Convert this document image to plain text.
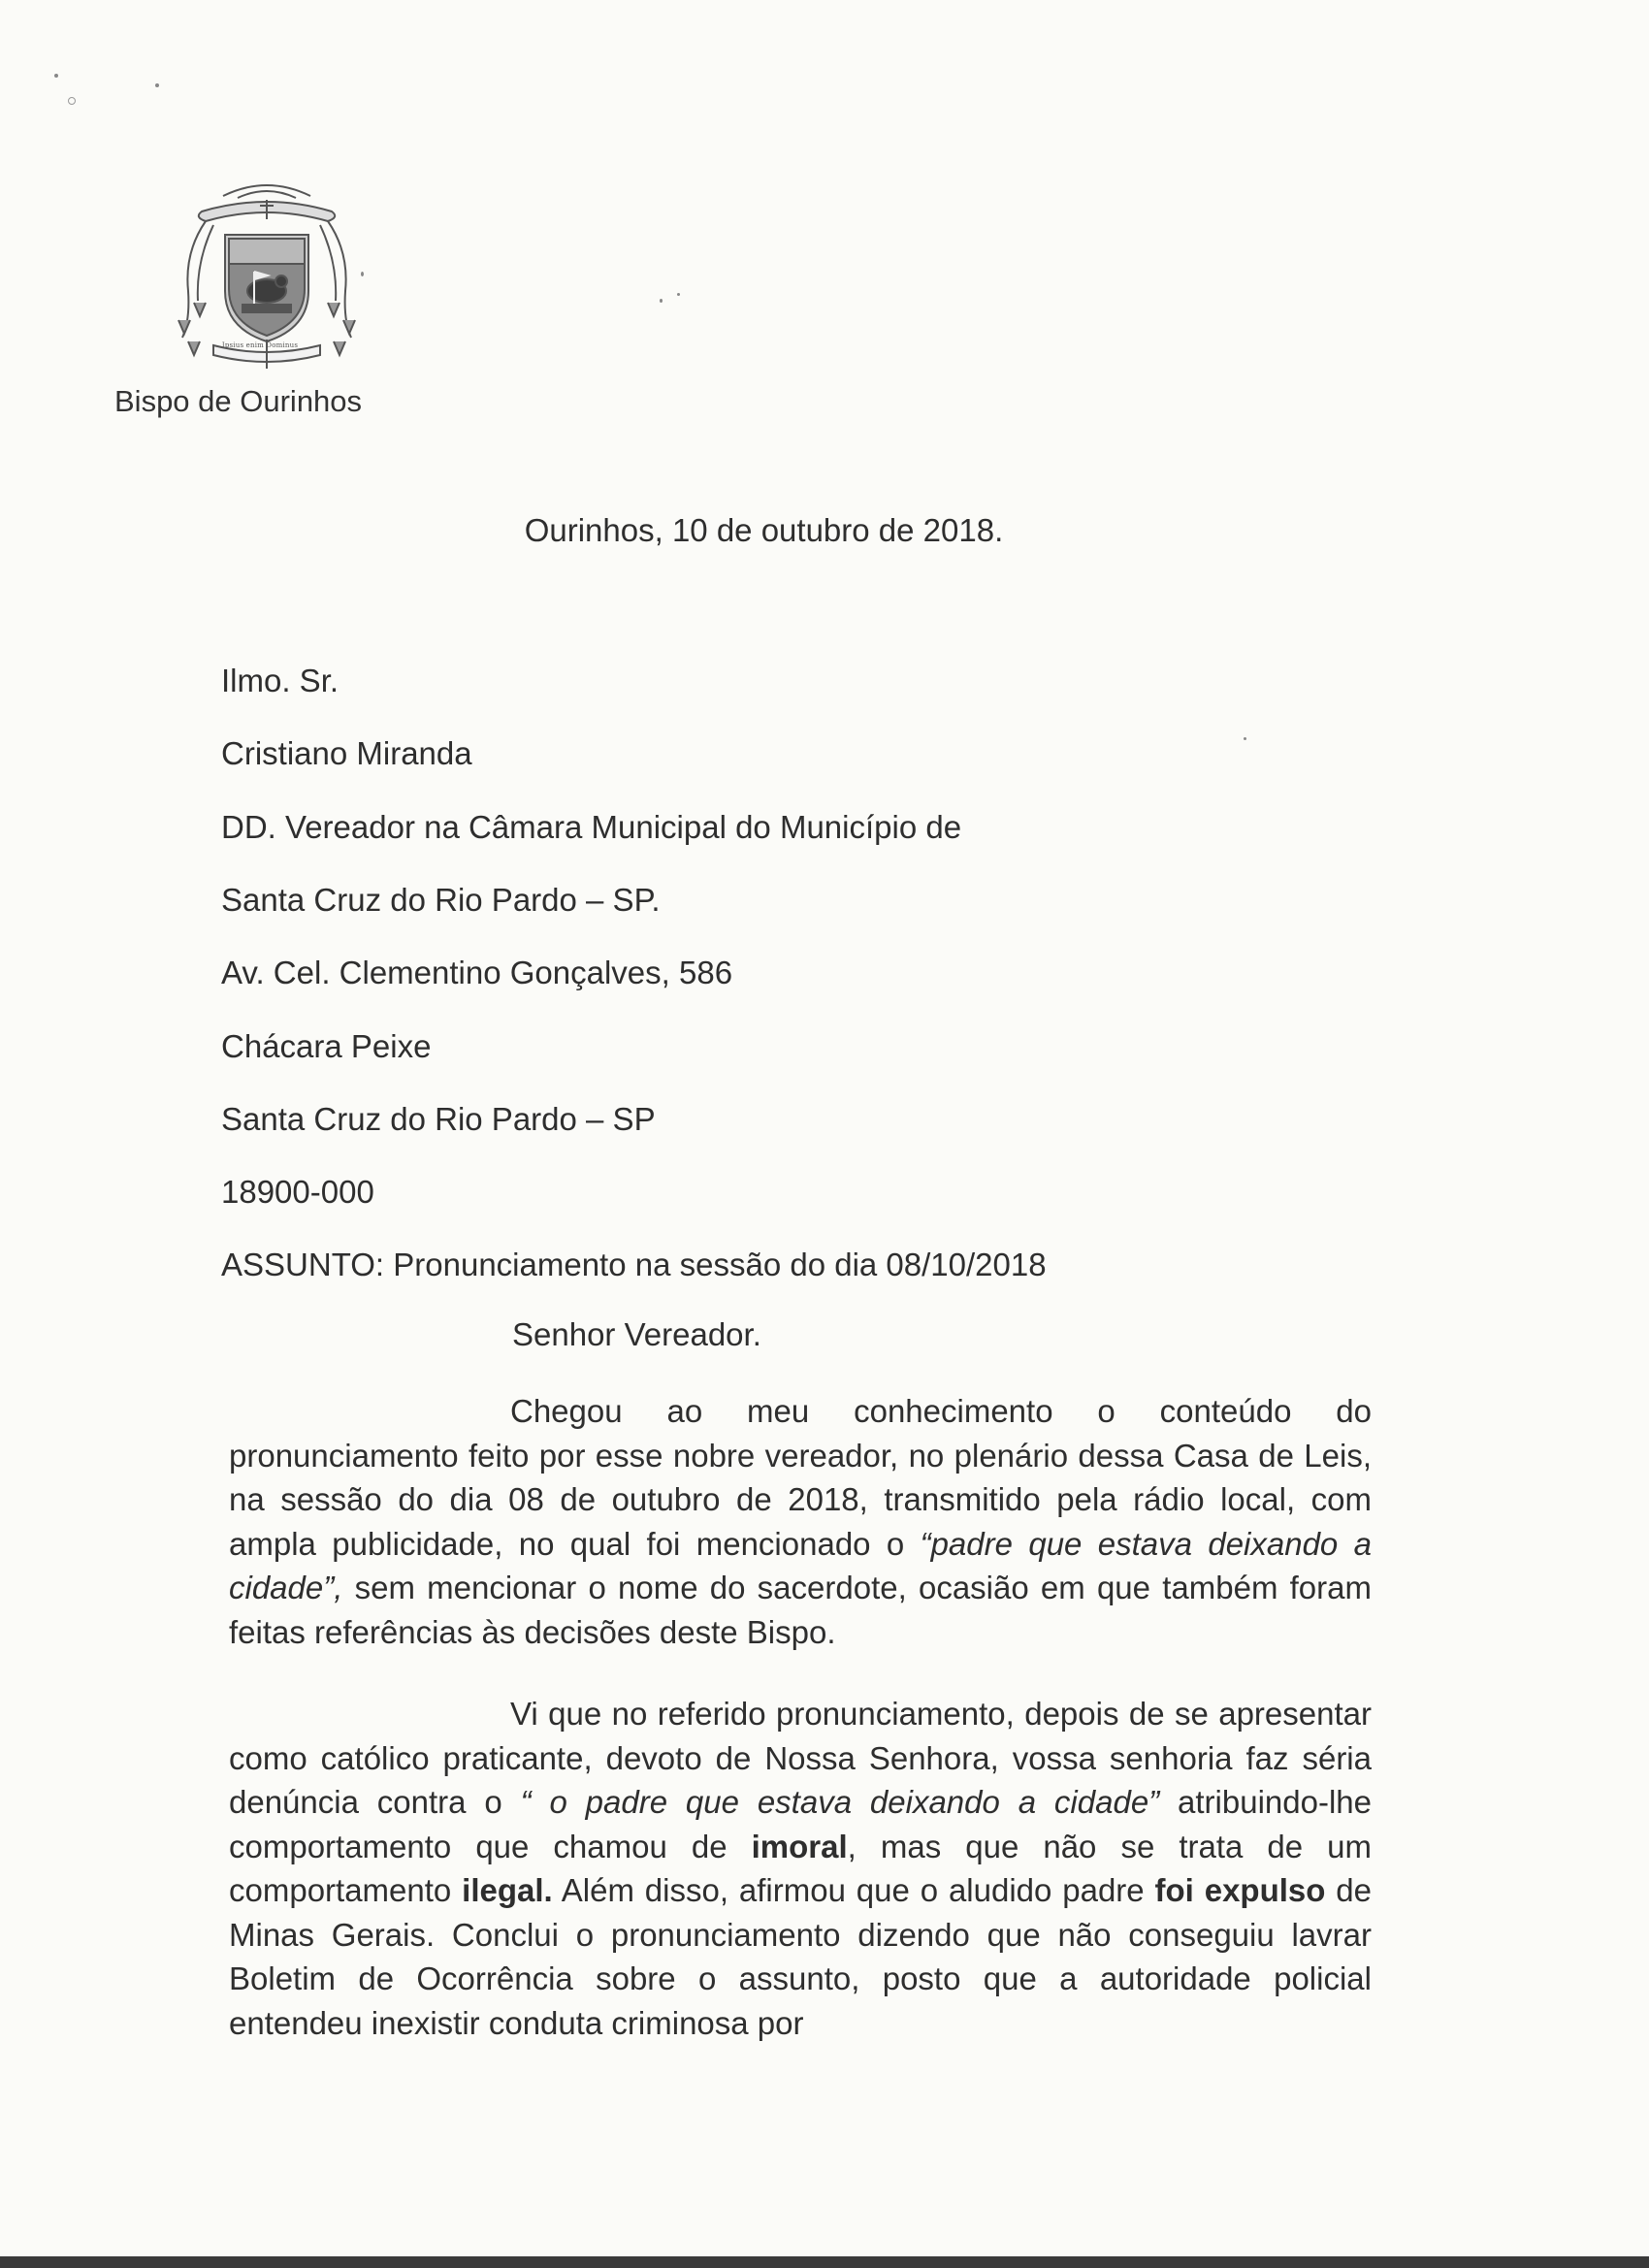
Ipsius enim Dominus
Bispo de Ourinhos
Ourinhos, 10 de outubro de 2018.
Ilmo. Sr.
Cristiano Miranda
DD. Vereador na Câmara Municipal do Município de
Santa Cruz do Rio Pardo – SP.
Av. Cel. Clementino Gonçalves, 586
Chácara Peixe
Santa Cruz do Rio Pardo – SP
18900-000
ASSUNTO: Pronunciamento na sessão do dia 08/10/2018
Senhor Vereador.

Chegou ao meu conhecimento o conteúdo do pronunciamento feito por esse nobre vereador, no plenário dessa Casa de Leis, na sessão do dia 08 de outubro de 2018, transmitido pela rádio local, com ampla publicidade, no qual foi mencionado o “padre que estava deixando a cidade”, sem mencionar o nome do sacerdote, ocasião em que também foram feitas referências às decisões deste Bispo.

Vi que no referido pronunciamento, depois de se apresentar como católico praticante, devoto de Nossa Senhora, vossa senhoria faz séria denúncia contra o “ o padre que estava deixando a cidade” atribuindo-lhe comportamento que chamou de imoral, mas que não se trata de um comportamento ilegal. Além disso, afirmou que o aludido padre foi expulso de Minas Gerais. Conclui o pronunciamento dizendo que não conseguiu lavrar Boletim de Ocorrência sobre o assunto, posto que a autoridade policial entendeu inexistir conduta criminosa por
